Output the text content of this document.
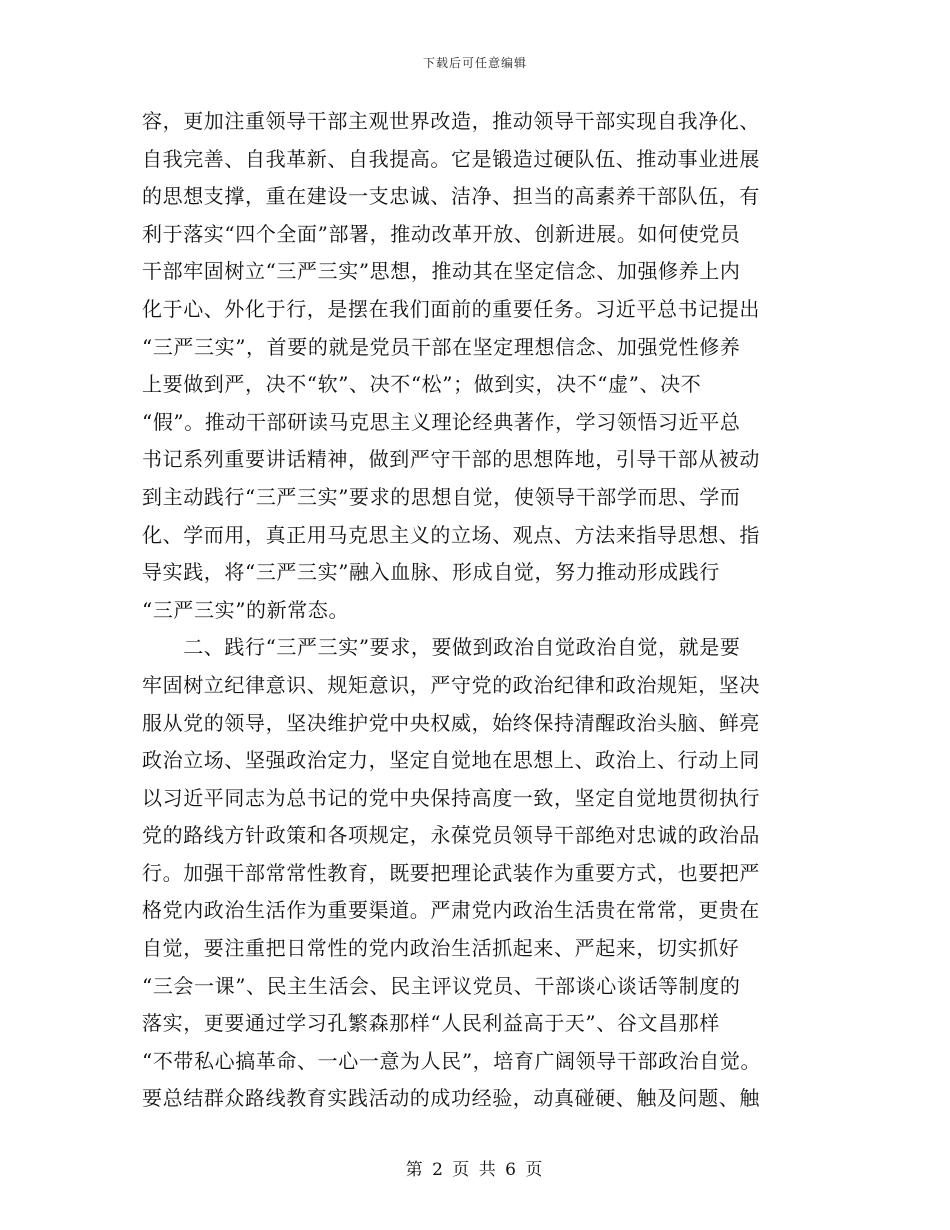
下载后可任意编辑
容，更加注重领导干部主观世界改造，推动领导干部实现自我净化、
自我完善、自我革新、自我提高。它是锻造过硬队伍、推动事业进展
的思想支撑，重在建设一支忠诚、洁净、担当的高素养干部队伍，有
利于落实“四个全面”部署，推动改革开放、创新进展。如何使党员
干部牢固树立“三严三实”思想，推动其在坚定信念、加强修养上内
化于心、外化于行，是摆在我们面前的重要任务。习近平总书记提出
“三严三实”，首要的就是党员干部在坚定理想信念、加强党性修养
上要做到严，决不“软”、决不“松”；做到实，决不“虚”、决不
“假”。推动干部研读马克思主义理论经典著作，学习领悟习近平总
书记系列重要讲话精神，做到严守干部的思想阵地，引导干部从被动
到主动践行“三严三实”要求的思想自觉，使领导干部学而思、学而
化、学而用，真正用马克思主义的立场、观点、方法来指导思想、指
导实践，将“三严三实”融入血脉、形成自觉，努力推动形成践行
“三严三实”的新常态。
　　二、践行“三严三实”要求，要做到政治自觉政治自觉，就是要
牢固树立纪律意识、规矩意识，严守党的政治纪律和政治规矩，坚决
服从党的领导，坚决维护党中央权威，始终保持清醒政治头脑、鲜亮
政治立场、坚强政治定力，坚定自觉地在思想上、政治上、行动上同
以习近平同志为总书记的党中央保持高度一致，坚定自觉地贯彻执行
党的路线方针政策和各项规定，永葆党员领导干部绝对忠诚的政治品
行。加强干部常常性教育，既要把理论武装作为重要方式，也要把严
格党内政治生活作为重要渠道。严肃党内政治生活贵在常常，更贵在
自觉，要注重把日常性的党内政治生活抓起来、严起来，切实抓好
“三会一课”、民主生活会、民主评议党员、干部谈心谈话等制度的
落实，更要通过学习孔繁森那样“人民利益高于天”、谷文昌那样
“不带私心搞革命、一心一意为人民”，培育广阔领导干部政治自觉。
要总结群众路线教育实践活动的成功经验，动真碰硬、触及问题、触
第 2 页 共 6 页
